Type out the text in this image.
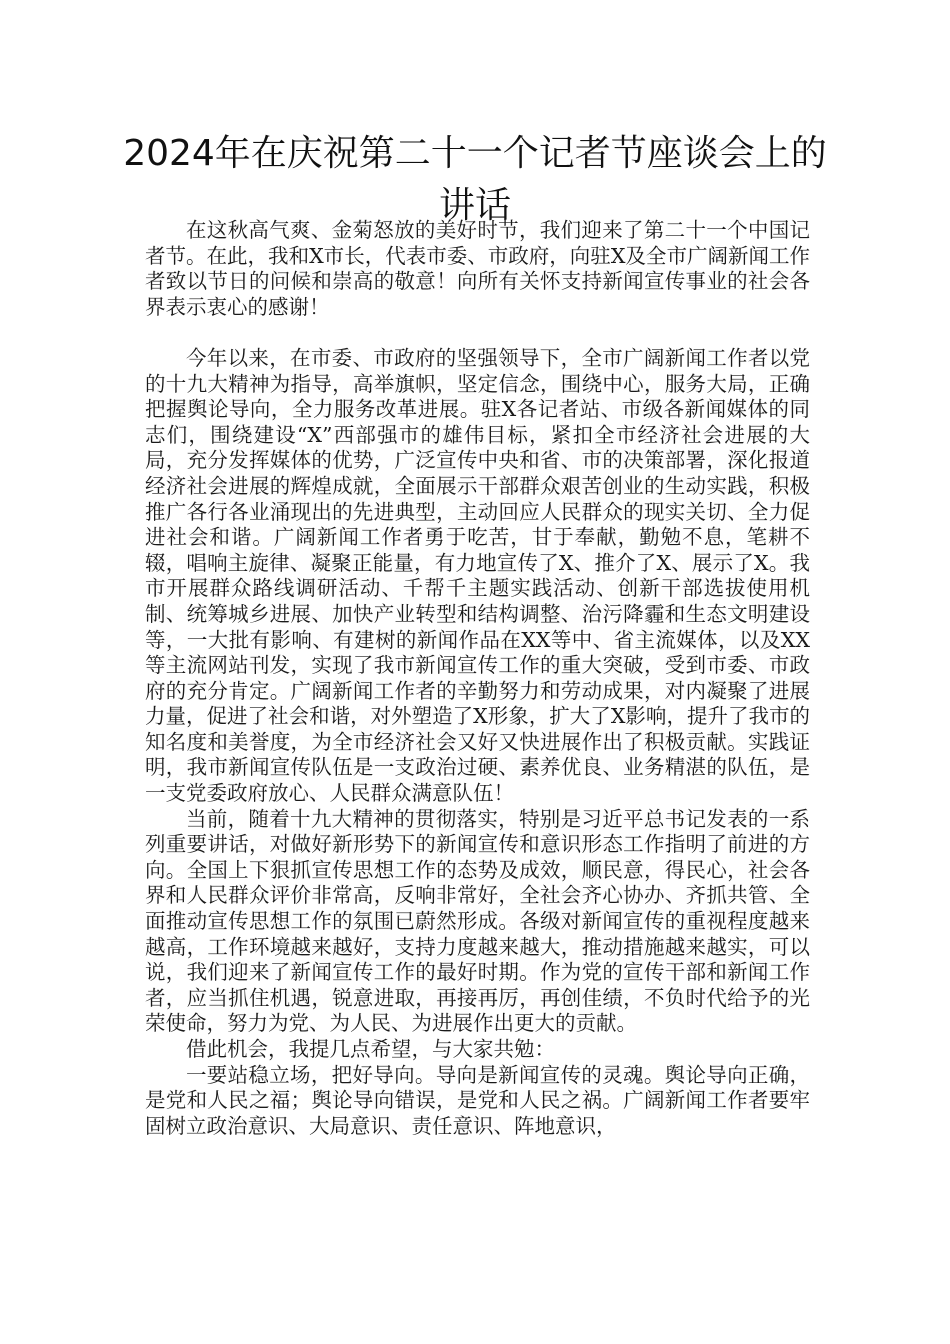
2024年在庆祝第二十一个记者节座谈会上的讲话

在这秋高气爽、金菊怒放的美好时节，我们迎来了第二十一个中国记者节。在此，我和X市长，代表市委、市政府，向驻X及全市广阔新闻工作者致以节日的问候和崇高的敬意！向所有关怀支持新闻宣传事业的社会各界表示衷心的感谢！

今年以来，在市委、市政府的坚强领导下，全市广阔新闻工作者以党的十九大精神为指导，高举旗帜，坚定信念，围绕中心，服务大局，正确把握舆论导向，全力服务改革进展。驻X各记者站、市级各新闻媒体的同志们，围绕建设“X”西部强市的雄伟目标，紧扣全市经济社会进展的大局，充分发挥媒体的优势，广泛宣传中央和省、市的决策部署，深化报道经济社会进展的辉煌成就，全面展示干部群众艰苦创业的生动实践，积极推广各行各业涌现出的先进典型，主动回应人民群众的现实关切、全力促进社会和谐。广阔新闻工作者勇于吃苦，甘于奉献，勤勉不息，笔耕不辍，唱响主旋律、凝聚正能量，有力地宣传了X、推介了X、展示了X。我市开展群众路线调研活动、千帮千主题实践活动、创新干部选拔使用机制、统筹城乡进展、加快产业转型和结构调整、治污降霾和生态文明建设等，一大批有影响、有建树的新闻作品在XX等中、省主流媒体，以及XX等主流网站刊发，实现了我市新闻宣传工作的重大突破，受到市委、市政府的充分肯定。广阔新闻工作者的辛勤努力和劳动成果，对内凝聚了进展力量，促进了社会和谐，对外塑造了X形象，扩大了X影响，提升了我市的知名度和美誉度，为全市经济社会又好又快进展作出了积极贡献。实践证明，我市新闻宣传队伍是一支政治过硬、素养优良、业务精湛的队伍，是一支党委政府放心、人民群众满意队伍！

当前，随着十九大精神的贯彻落实，特别是习近平总书记发表的一系列重要讲话，对做好新形势下的新闻宣传和意识形态工作指明了前进的方向。全国上下狠抓宣传思想工作的态势及成效，顺民意，得民心，社会各界和人民群众评价非常高，反响非常好，全社会齐心协办、齐抓共管、全面推动宣传思想工作的氛围已蔚然形成。各级对新闻宣传的重视程度越来越高，工作环境越来越好，支持力度越来越大，推动措施越来越实，可以说，我们迎来了新闻宣传工作的最好时期。作为党的宣传干部和新闻工作者，应当抓住机遇，锐意进取，再接再厉，再创佳绩，不负时代给予的光荣使命，努力为党、为人民、为进展作出更大的贡献。

借此机会，我提几点希望，与大家共勉：

一要站稳立场，把好导向。导向是新闻宣传的灵魂。舆论导向正确，是党和人民之福；舆论导向错误，是党和人民之祸。广阔新闻工作者要牢固树立政治意识、大局意识、责任意识、阵地意识，
